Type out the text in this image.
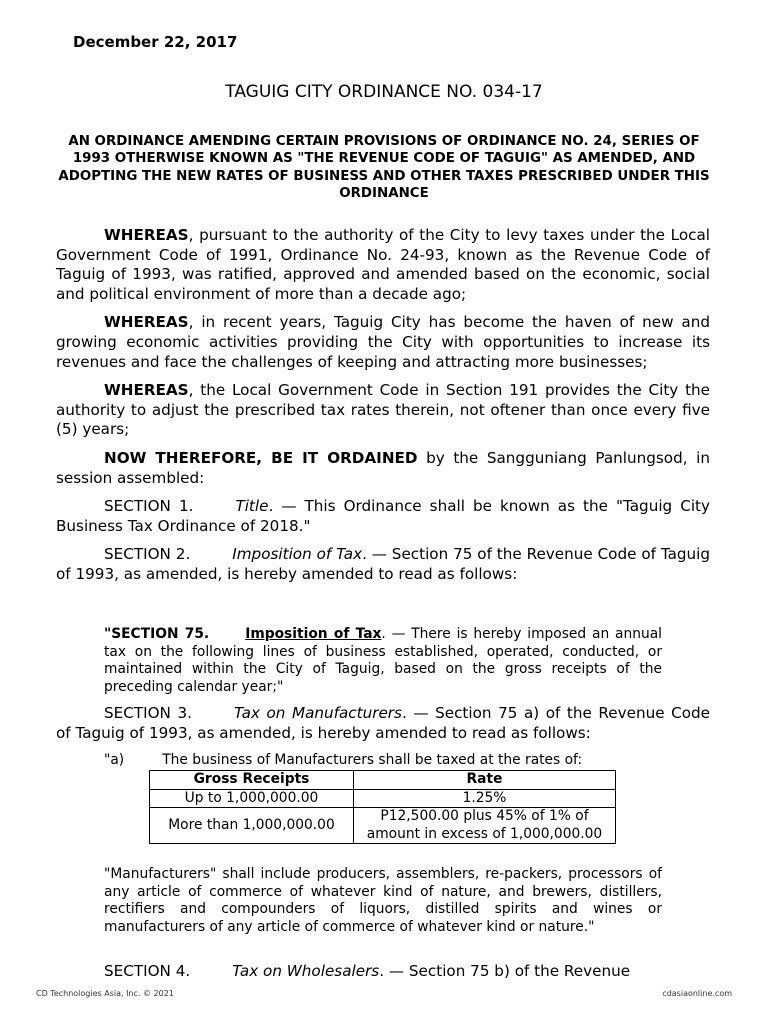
December 22, 2017
TAGUIG CITY ORDINANCE NO. 034-17
AN ORDINANCE AMENDING CERTAIN PROVISIONS OF ORDINANCE NO. 24, SERIES OF 1993 OTHERWISE KNOWN AS "THE REVENUE CODE OF TAGUIG" AS AMENDED, AND ADOPTING THE NEW RATES OF BUSINESS AND OTHER TAXES PRESCRIBED UNDER THIS ORDINANCE

WHEREAS, pursuant to the authority of the City to levy taxes under the Local Government Code of 1991, Ordinance No. 24-93, known as the Revenue Code of Taguig of 1993, was ratified, approved and amended based on the economic, social and political environment of more than a decade ago;

WHEREAS, in recent years, Taguig City has become the haven of new and growing economic activities providing the City with opportunities to increase its revenues and face the challenges of keeping and attracting more businesses;

WHEREAS, the Local Government Code in Section 191 provides the City the authority to adjust the prescribed tax rates therein, not oftener than once every five (5) years;

NOW THEREFORE, BE IT ORDAINED by the Sangguniang Panlungsod, in session assembled:

SECTION 1.	Title. — This Ordinance shall be known as the "Taguig City Business Tax Ordinance of 2018."

SECTION 2.	Imposition of Tax. — Section 75 of the Revenue Code of Taguig of 1993, as amended, is hereby amended to read as follows:

"SECTION 75.	Imposition of Tax. — There is hereby imposed an annual tax on the following lines of business established, operated, conducted, or maintained within the City of Taguig, based on the gross receipts of the preceding calendar year;"

SECTION 3.	Tax on Manufacturers. — Section 75 a) of the Revenue Code of Taguig of 1993, as amended, is hereby amended to read as follows:

"a)	The business of Manufacturers shall be taxed at the rates of:
Gross Receipts	Rate
Up to 1,000,000.00	1.25%
More than 1,000,000.00	P12,500.00 plus 45% of 1% of amount in excess of 1,000,000.00
"Manufacturers" shall include producers, assemblers, re-packers, processors of any article of commerce of whatever kind of nature, and brewers, distillers, rectifiers and compounders of liquors, distilled spirits and wines or manufacturers of any article of commerce of whatever kind or nature."

SECTION 4.	Tax on Wholesalers. — Section 75 b) of the Revenue

CD Technologies Asia, Inc. © 2021	cdasiaonline.com
